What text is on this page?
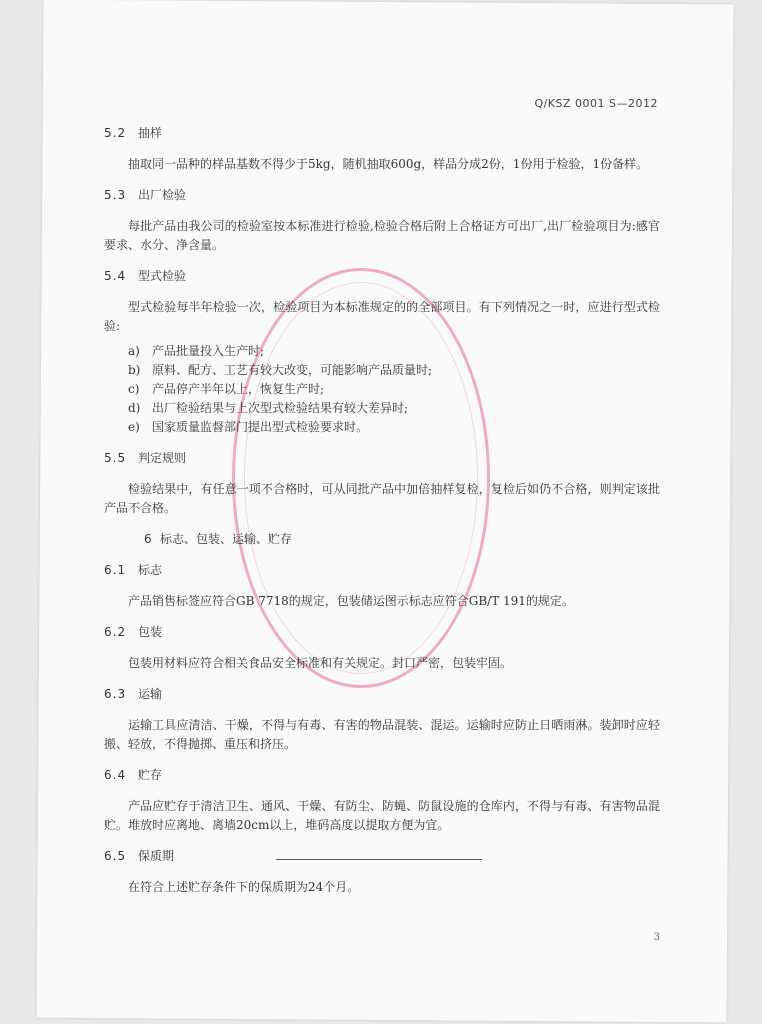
Q/KSZ 0001 S—2012
5.2 抽样
抽取同一品种的样品基数不得少于5kg，随机抽取600g，样品分成2份，1份用于检验，1份备样。
5.3 出厂检验
每批产品由我公司的检验室按本标准进行检验,检验合格后附上合格证方可出厂,出厂检验项目为:感官要求、水分、净含量。
5.4 型式检验
型式检验每半年检验一次，检验项目为本标准规定的的全部项目。有下列情况之一时，应进行型式检验:
a)	产品批量投入生产时;
b) 原料、配方、工艺有较大改变，可能影响产品质量时;
c)	产品停产半年以上，恢复生产时;
d) 出厂检验结果与上次型式检验结果有较大差异时;
e)	国家质量监督部门提出型式检验要求时。
5.5 判定规则
检验结果中，有任意一项不合格时，可从同批产品中加倍抽样复检，复检后如仍不合格，则判定该批产品不合格。
6 标志、包装、运输、贮存
6.1 标志
产品销售标签应符合GB 7718的规定，包装储运图示标志应符合GB/T 191的规定。
6.2 包装
包装用材料应符合相关食品安全标准和有关规定。封口严密，包装牢固。
6.3 运输
运输工具应清洁、干燥，不得与有毒、有害的物品混装、混运。运输时应防止日晒雨淋。装卸时应轻搬、轻放，不得抛掷、重压和挤压。
6.4 贮存
产品应贮存于清洁卫生、通风、干燥、有防尘、防蝇、防鼠设施的仓库内，不得与有毒、有害物品混贮。堆放时应离地、离墙20cm以上，堆码高度以提取方便为宜。
6.5 保质期
在符合上述贮存条件下的保质期为24个月。
3
